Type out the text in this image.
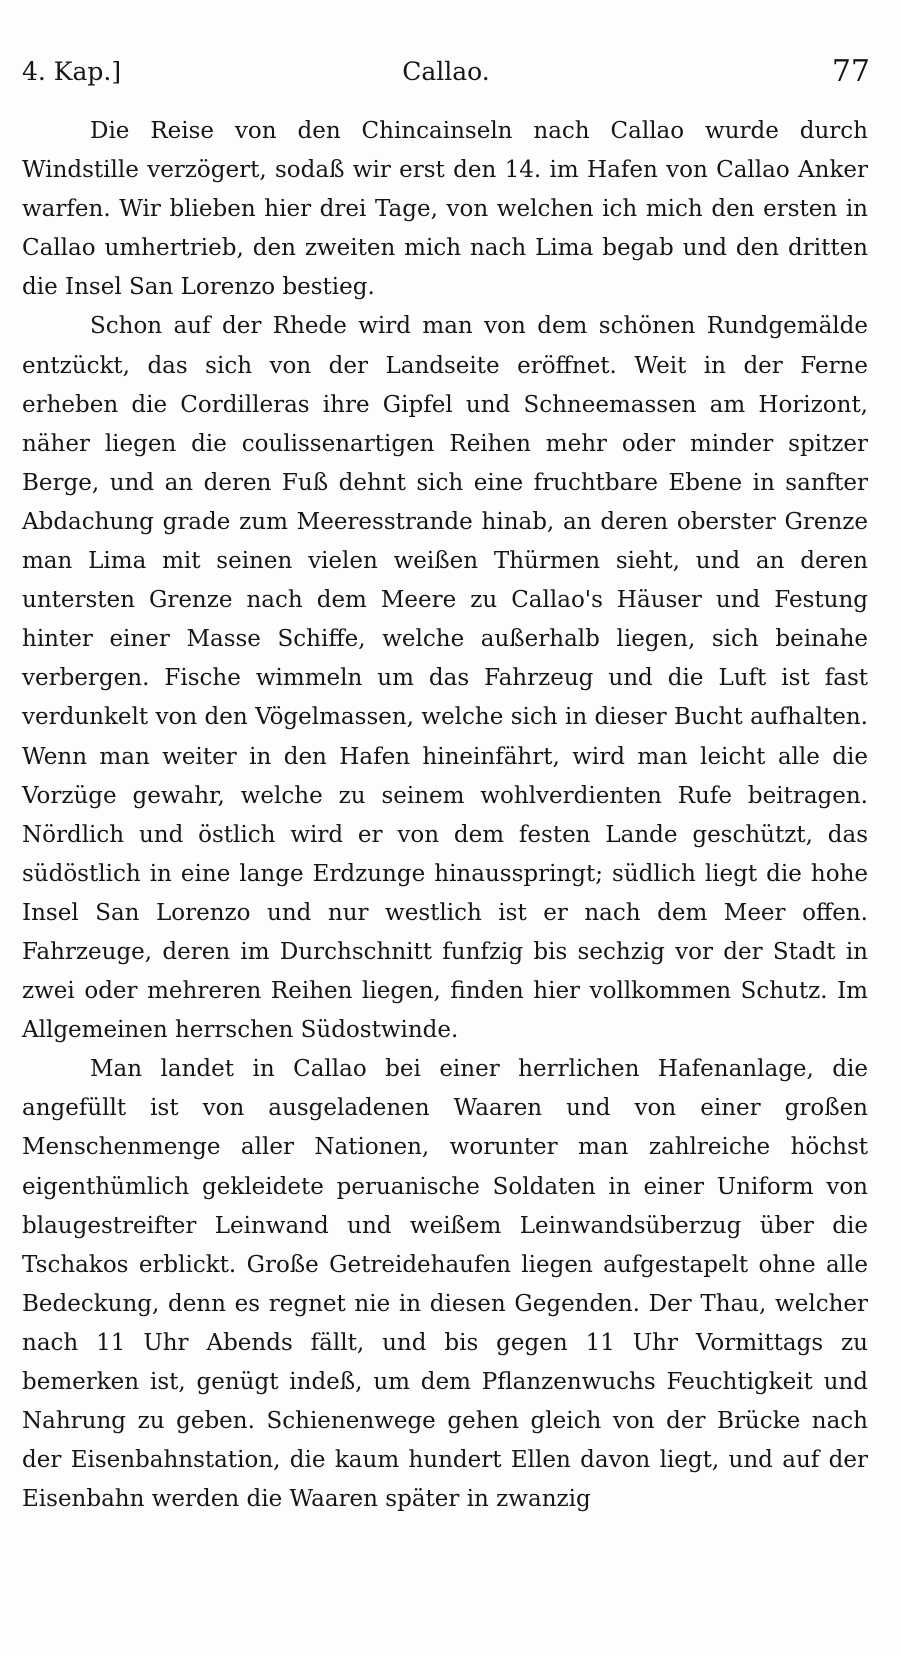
4. Kap.]	Callao.	77

Die Reise von den Chincainseln nach Callao wurde durch Windstille verzögert, sodaß wir erst den 14. im Hafen von Callao Anker warfen. Wir blieben hier drei Tage, von welchen ich mich den ersten in Callao umhertrieb, den zweiten mich nach Lima begab und den dritten die Insel San Lorenzo bestieg.

Schon auf der Rhede wird man von dem schönen Rundgemälde entzückt, das sich von der Landseite eröffnet. Weit in der Ferne erheben die Cordilleras ihre Gipfel und Schneemassen am Horizont, näher liegen die coulissenartigen Reihen mehr oder minder spitzer Berge, und an deren Fuß dehnt sich eine fruchtbare Ebene in sanfter Abdachung grade zum Meeresstrande hinab, an deren oberster Grenze man Lima mit seinen vielen weißen Thürmen sieht, und an deren untersten Grenze nach dem Meere zu Callao's Häuser und Festung hinter einer Masse Schiffe, welche außerhalb liegen, sich beinahe verbergen. Fische wimmeln um das Fahrzeug und die Luft ist fast verdunkelt von den Vögelmassen, welche sich in dieser Bucht aufhalten. Wenn man weiter in den Hafen hineinfährt, wird man leicht alle die Vorzüge gewahr, welche zu seinem wohlverdienten Rufe beitragen. Nördlich und östlich wird er von dem festen Lande geschützt, das südöstlich in eine lange Erdzunge hinausspringt; südlich liegt die hohe Insel San Lorenzo und nur westlich ist er nach dem Meer offen. Fahrzeuge, deren im Durchschnitt funfzig bis sechzig vor der Stadt in zwei oder mehreren Reihen liegen, finden hier vollkommen Schutz. Im Allgemeinen herrschen Südostwinde.

Man landet in Callao bei einer herrlichen Hafenanlage, die angefüllt ist von ausgeladenen Waaren und von einer großen Menschenmenge aller Nationen, worunter man zahlreiche höchst eigenthümlich gekleidete peruanische Soldaten in einer Uniform von blaugestreifter Leinwand und weißem Leinwandsüberzug über die Tschakos erblickt. Große Getreidehaufen liegen aufgestapelt ohne alle Bedeckung, denn es regnet nie in diesen Gegenden. Der Thau, welcher nach 11 Uhr Abends fällt, und bis gegen 11 Uhr Vormittags zu bemerken ist, genügt indeß, um dem Pflanzenwuchs Feuchtigkeit und Nahrung zu geben. Schienenwege gehen gleich von der Brücke nach der Eisenbahnstation, die kaum hundert Ellen davon liegt, und auf der Eisenbahn werden die Waaren später in zwanzig
